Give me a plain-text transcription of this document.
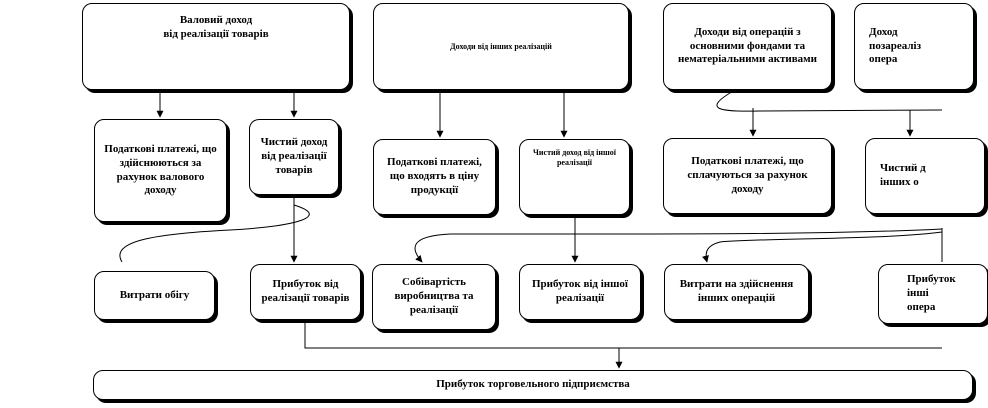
Валовий доход
від реалізації товарів
Доходи від інших реалізацій
Доходи від операцій з основними фондами та нематеріальними активами
Доход
позареаліз
опера
Податкові платежі, що здійснюються за рахунок валового доходу
Чистий доход від реалізації товарів
Податкові платежі, що входять в ціну продукції
Чистий доход від іншої реалізації	Податкові платежі, що сплачуються за рахунок доходу
Чистий д
інших о
Витрати обігу
Прибуток від реалізації товарів
Собівартість виробництва та реалізації
Прибуток від іншої реалізації
Витрати на здійснення інших операцій
Прибуток
інші
опера
Прибуток торговельного підприємства
